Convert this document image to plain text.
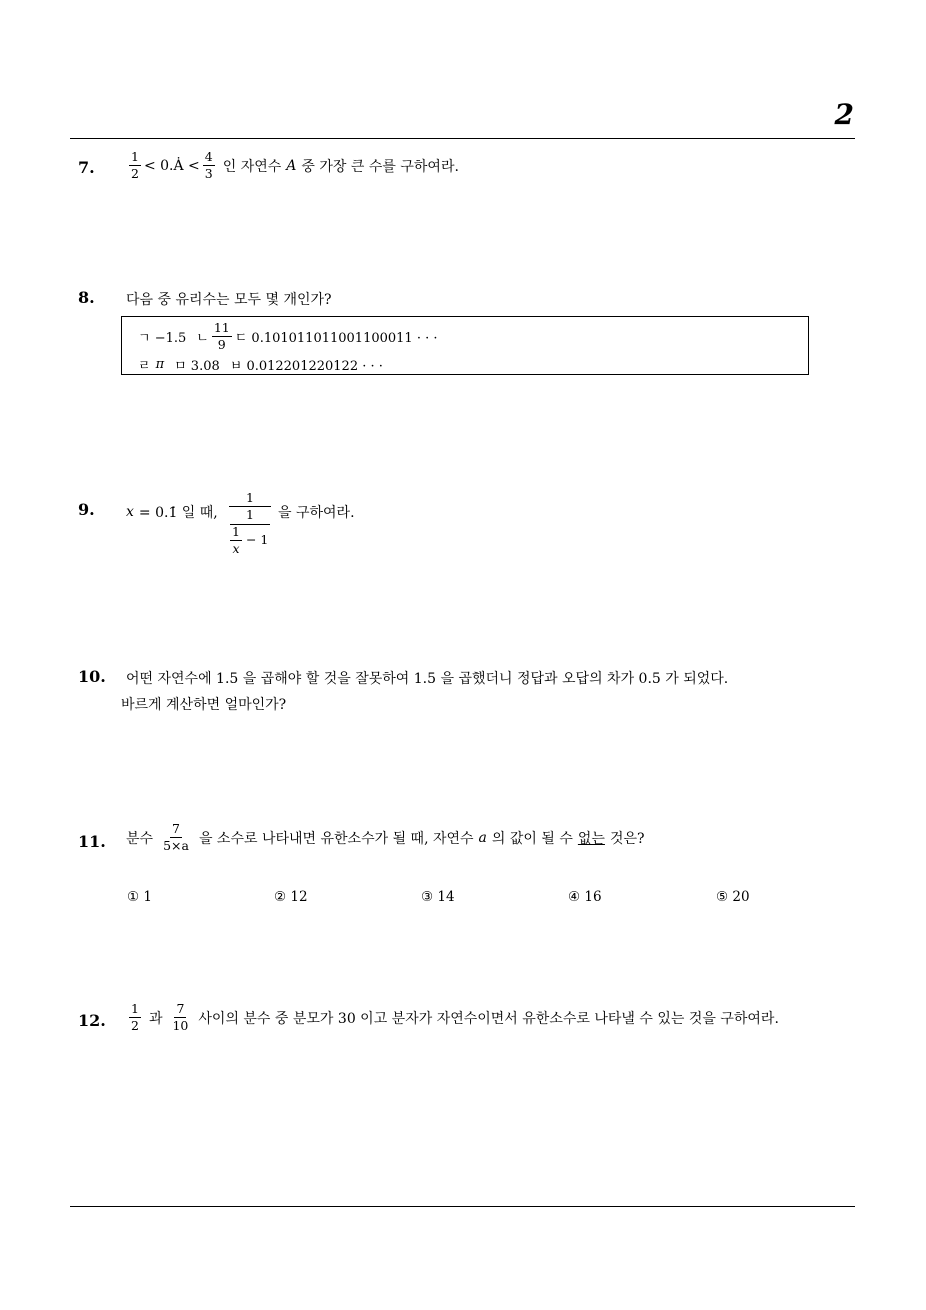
2
7.	$\frac{1}{2}$ < 0.Ȧ < $\frac{4}{3}$ 인 자연수 A 중 가장 큰 수를 구하여라.
8. 다음 중 유리수는 모두 몇 개인가?
ㄱ −1.5 ㄴ $\frac{11}{9}$ ㄷ 0.101011011001100011 · · ·
ㄹ π ㅁ 3.08 ㅂ 0.012201220122 · · ·
9. x = 0.1̇ 일 때,
1
1
$\frac{1}{x} - 1$
을 구하여라.
10. 어떤 자연수에 1.5 을 곱해야 할 것을 잘못하여 1.5 을 곱했더니 정답과 오답의 차가 0.5 가 되었다.
바르게 계산하면 얼마인가?
11. 분수 $\frac{7}{5\times a}$ 을 소수로 나타내면 유한소수가 될 때, 자연수 a 의 값이 될 수 없는 것은?
① 1	② 12	③ 14	④ 16	⑤ 20
12. $\frac{1}{2}$ 과 $\frac{7}{10}$ 사이의 분수 중 분모가 30 이고 분자가 자연수이면서 유한소수로 나타낼 수 있는 것을 구하여라.
